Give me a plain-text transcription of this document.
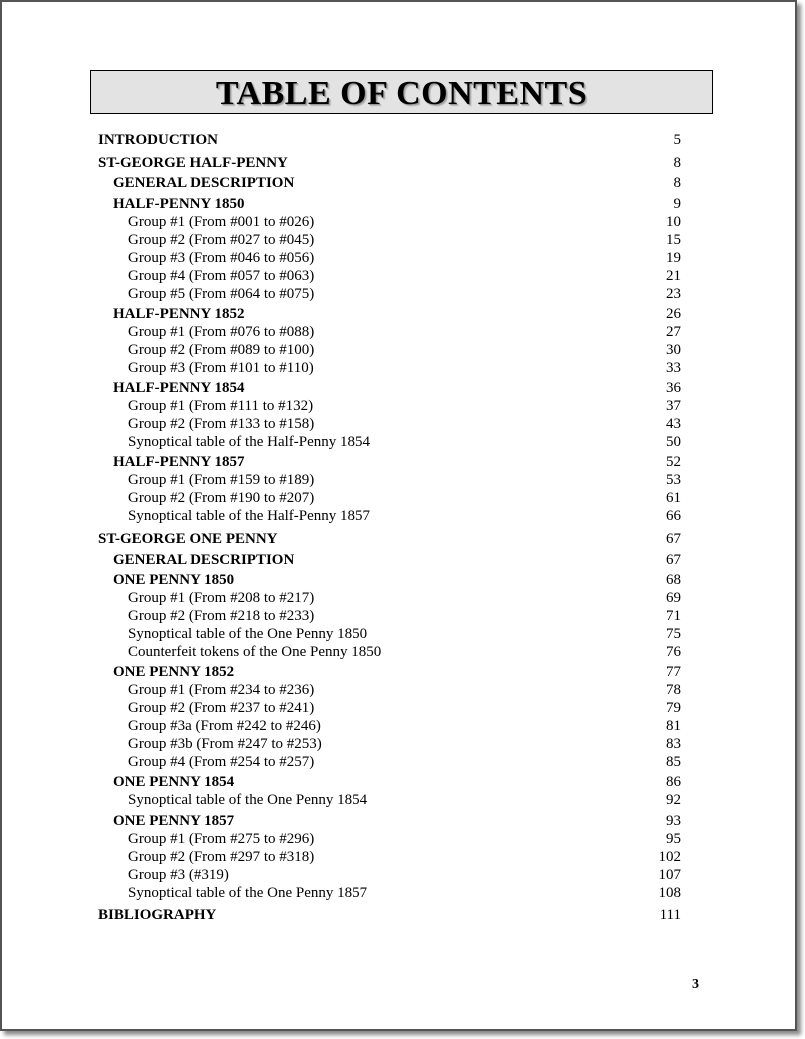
TABLE OF CONTENTS
INTRODUCTION	5
ST-GEORGE HALF-PENNY	8
GENERAL DESCRIPTION	8
HALF-PENNY 1850	9
Group #1 (From #001 to #026)	10
Group #2 (From #027 to #045)	15
Group #3 (From #046 to #056)	19
Group #4 (From #057 to #063)	21
Group #5 (From #064 to #075)	23
HALF-PENNY 1852	26
Group #1 (From #076 to #088)	27
Group #2 (From #089 to #100)	30
Group #3 (From #101 to #110)	33
HALF-PENNY 1854	36
Group #1 (From #111 to #132)	37
Group #2 (From #133 to #158)	43
Synoptical table of the Half-Penny 1854	50
HALF-PENNY 1857	52
Group #1 (From #159 to #189)	53
Group #2 (From #190 to #207)	61
Synoptical table of the Half-Penny 1857	66
ST-GEORGE ONE PENNY	67
GENERAL DESCRIPTION	67
ONE PENNY 1850	68
Group #1 (From #208 to #217)	69
Group #2 (From #218 to #233)	71
Synoptical table of the One Penny 1850	75
Counterfeit tokens of the One Penny 1850	76
ONE PENNY 1852	77
Group #1 (From #234 to #236)	78
Group #2 (From #237 to #241)	79
Group #3a (From #242 to #246)	81
Group #3b (From #247 to #253)	83
Group #4 (From #254 to #257)	85
ONE PENNY 1854	86
Synoptical table of the One Penny 1854	92
ONE PENNY 1857	93
Group #1 (From #275 to #296)	95
Group #2 (From #297 to #318)	102
Group #3 (#319)	107
Synoptical table of the One Penny 1857	108
BIBLIOGRAPHY	111
3
